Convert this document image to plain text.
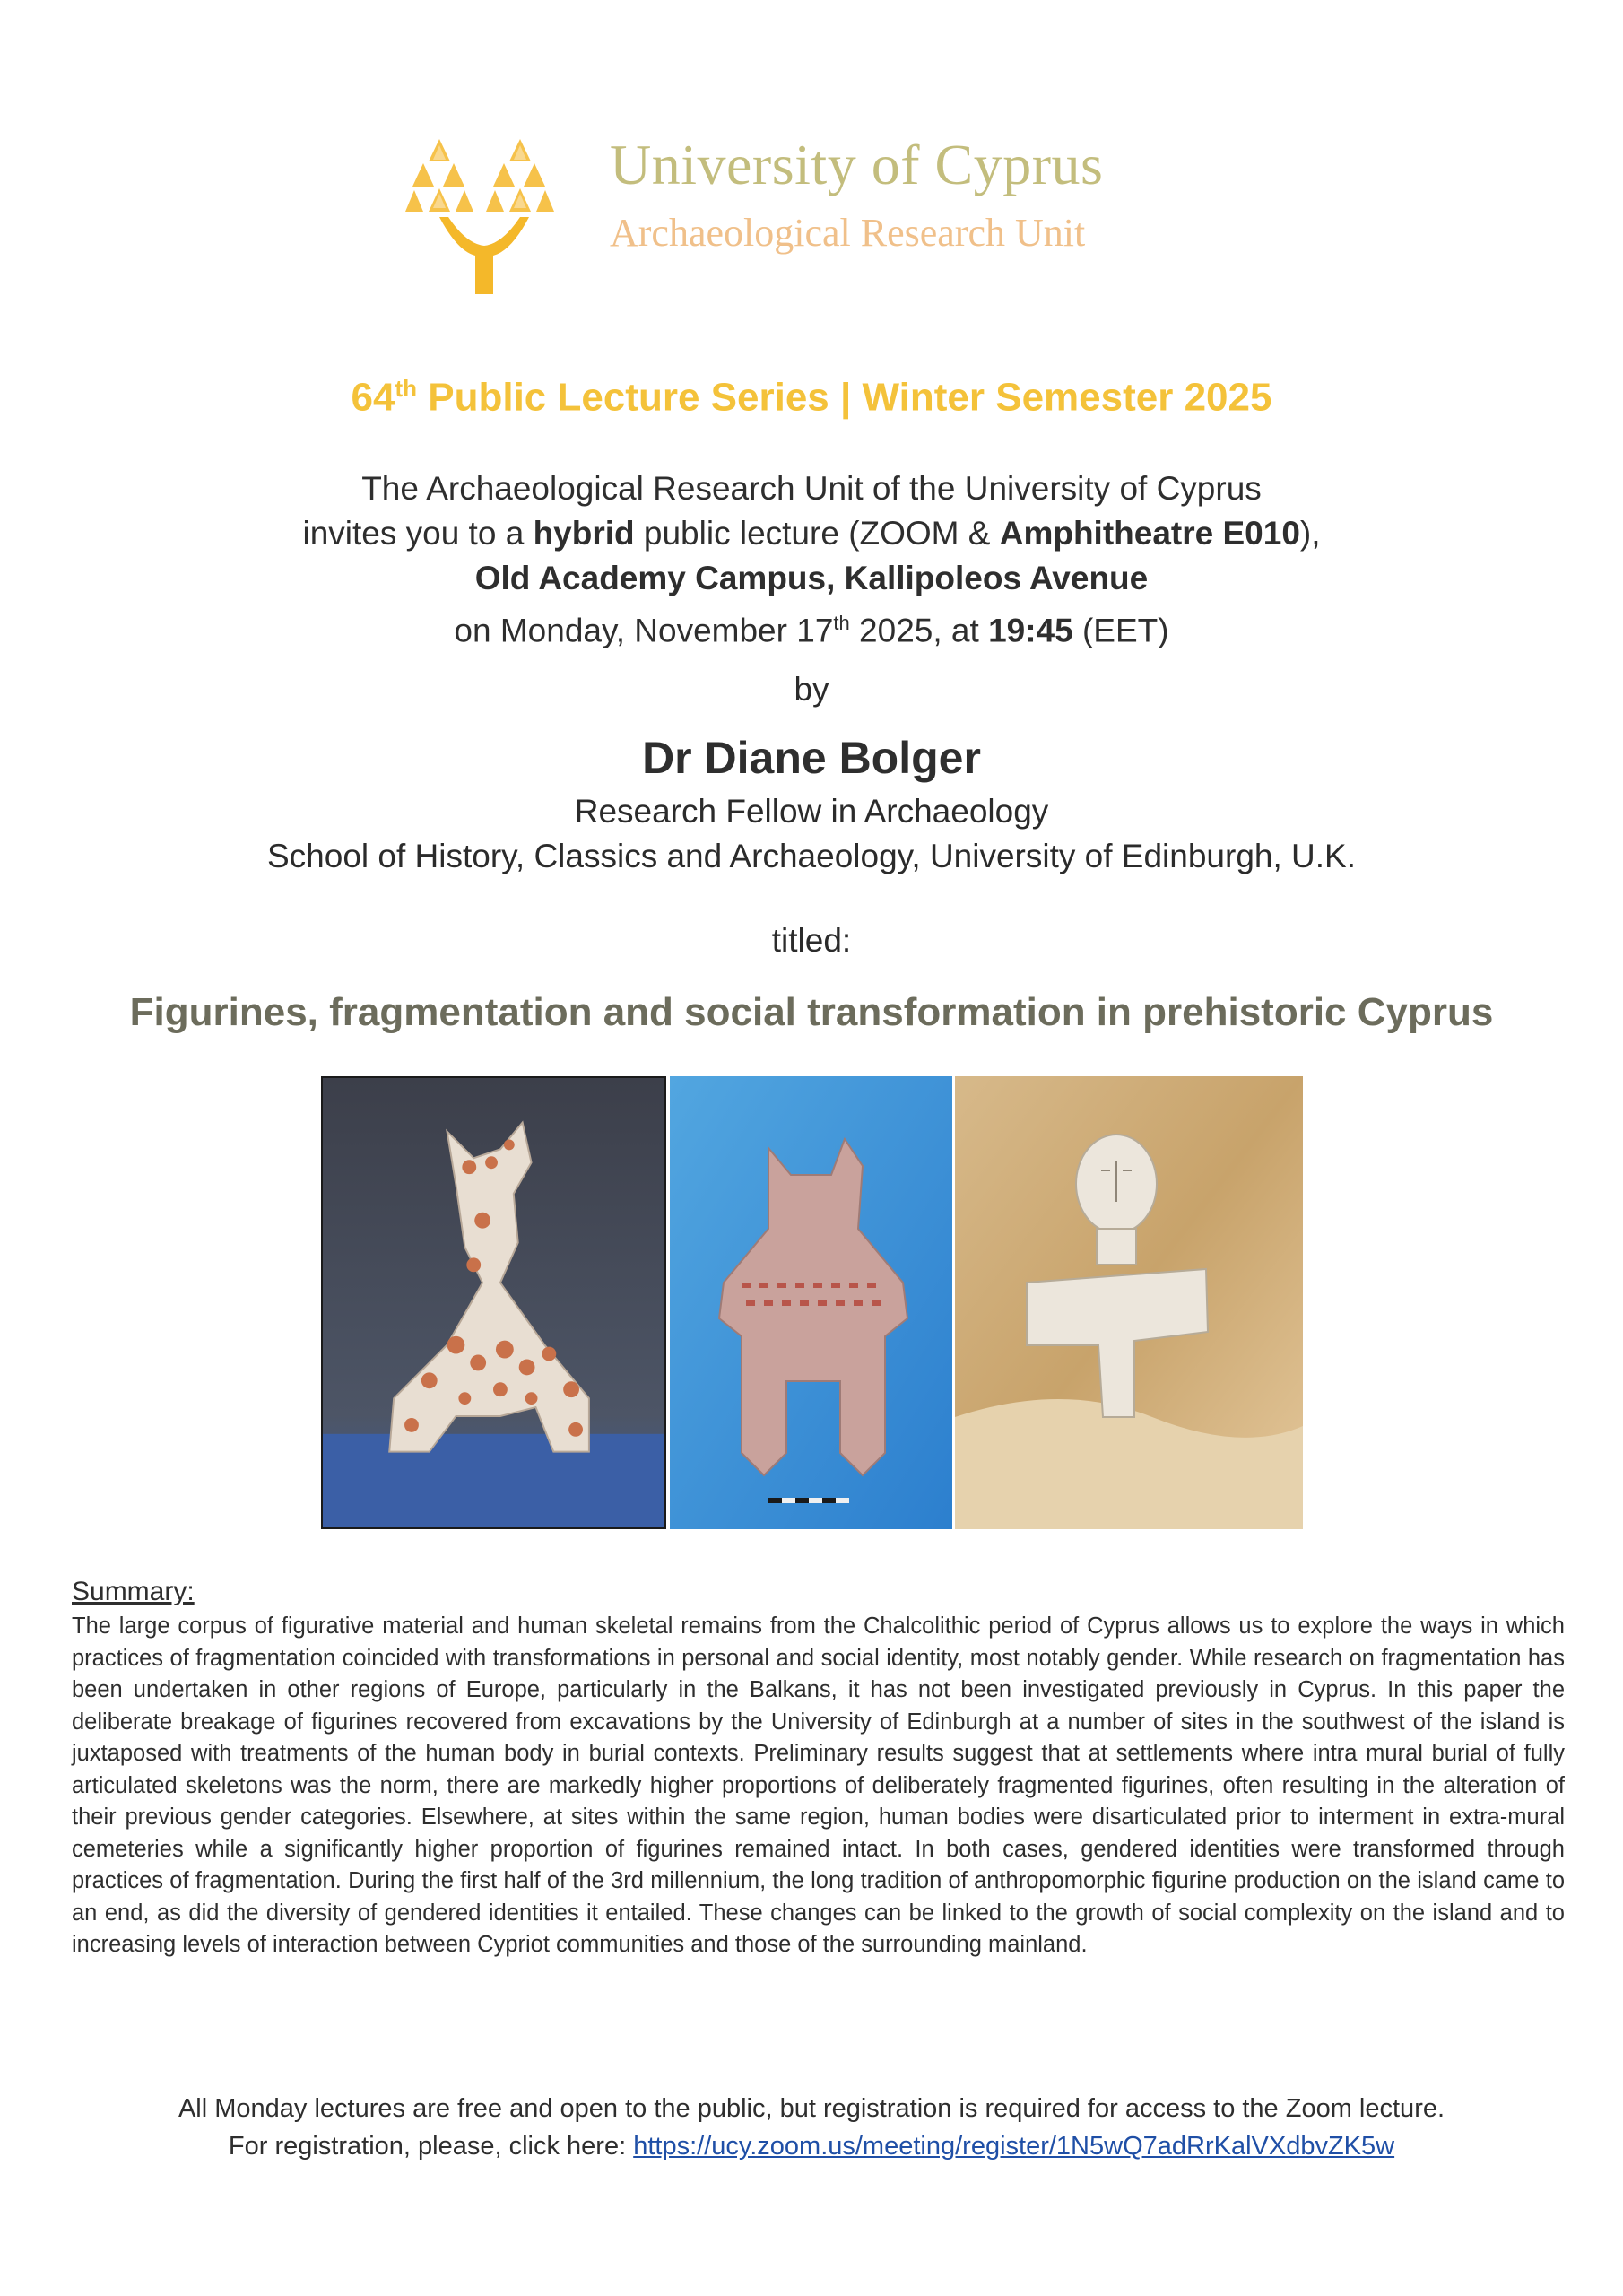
University of Cyprus
Archaeological Research Unit
64th Public Lecture Series | Winter Semester 2025
The Archaeological Research Unit of the University of Cyprus
invites you to a hybrid public lecture (ZOOM & Amphitheatre E010),
Old Academy Campus, Kallipoleos Avenue
on Monday, November 17th 2025, at 19:45 (EET)
by
Dr Diane Bolger
Research Fellow in Archaeology
School of History, Classics and Archaeology, University of Edinburgh, U.K.
titled:
Figurines, fragmentation and social transformation in prehistoric Cyprus
Summary:
The large corpus of figurative material and human skeletal remains from the Chalcolithic period of Cyprus allows us to explore the ways in which practices of fragmentation coincided with transformations in personal and social identity, most notably gender. While research on fragmentation has been undertaken in other regions of Europe, particularly in the Balkans, it has not been investigated previously in Cyprus. In this paper the deliberate breakage of figurines recovered from excavations by the University of Edinburgh at a number of sites in the southwest of the island is juxtaposed with treatments of the human body in burial contexts. Preliminary results suggest that at settlements where intra mural burial of fully articulated skeletons was the norm, there are markedly higher proportions of deliberately fragmented figurines, often resulting in the alteration of their previous gender categories. Elsewhere, at sites within the same region, human bodies were disarticulated prior to interment in extra-mural cemeteries while a significantly higher proportion of figurines remained intact. In both cases, gendered identities were transformed through practices of fragmentation. During the first half of the 3rd millennium, the long tradition of anthropomorphic figurine production on the island came to an end, as did the diversity of gendered identities it entailed. These changes can be linked to the growth of social complexity on the island and to increasing levels of interaction between Cypriot communities and those of the surrounding mainland.
All Monday lectures are free and open to the public, but registration is required for access to the Zoom lecture.
For registration, please, click here: https://ucy.zoom.us/meeting/register/1N5wQ7adRrKalVXdbvZK5w
